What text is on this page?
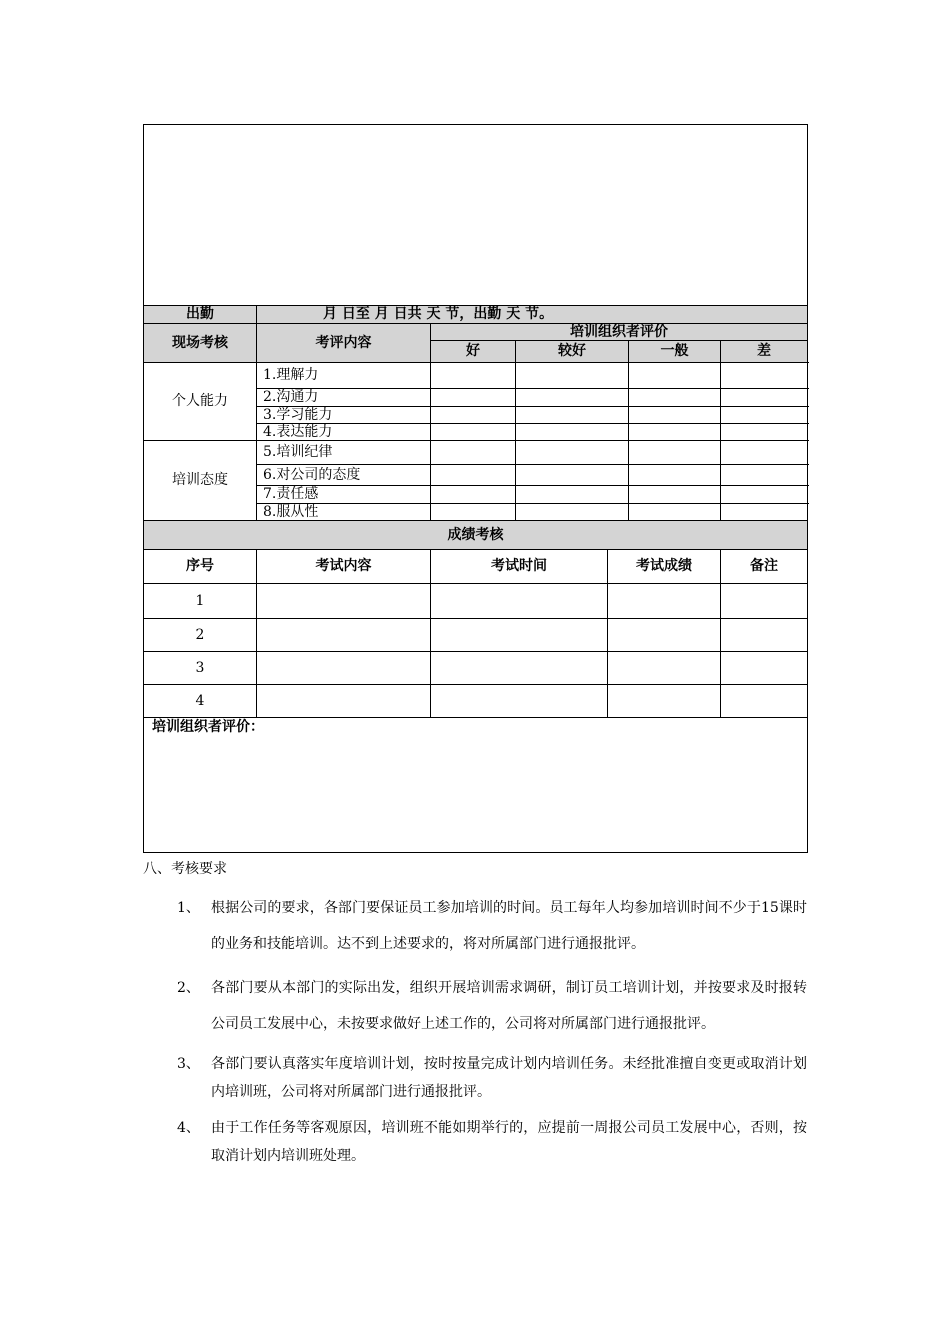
出勤	月 日至 月 日共 天 节，出勤 天 节。					
现场考核	考评内容	培训组织者评价				
		好	较好		一般	差
个人能力	1.理解力					
	2.沟通力					
	3.学习能力					
	4.表达能力					
培训态度	5.培训纪律					
	6.对公司的态度					
	7.责任感					
	8.服从性					
成绩考核						
序号	考试内容	考试时间		考试成绩		备注
1						
2						
3						
4						
培训组织者评价：						
八、考核要求
1、 根据公司的要求，各部门要保证员工参加培训的时间。员工每年人均参加培训时间不少于15课时的业务和技能培训。达不到上述要求的，将对所属部门进行通报批评。
2、 各部门要从本部门的实际出发，组织开展培训需求调研，制订员工培训计划，并按要求及时报转公司员工发展中心，未按要求做好上述工作的，公司将对所属部门进行通报批评。
3、 各部门要认真落实年度培训计划，按时按量完成计划内培训任务。未经批准擅自变更或取消计划内培训班，公司将对所属部门进行通报批评。
4、 由于工作任务等客观原因，培训班不能如期举行的，应提前一周报公司员工发展中心，否则，按取消计划内培训班处理。
